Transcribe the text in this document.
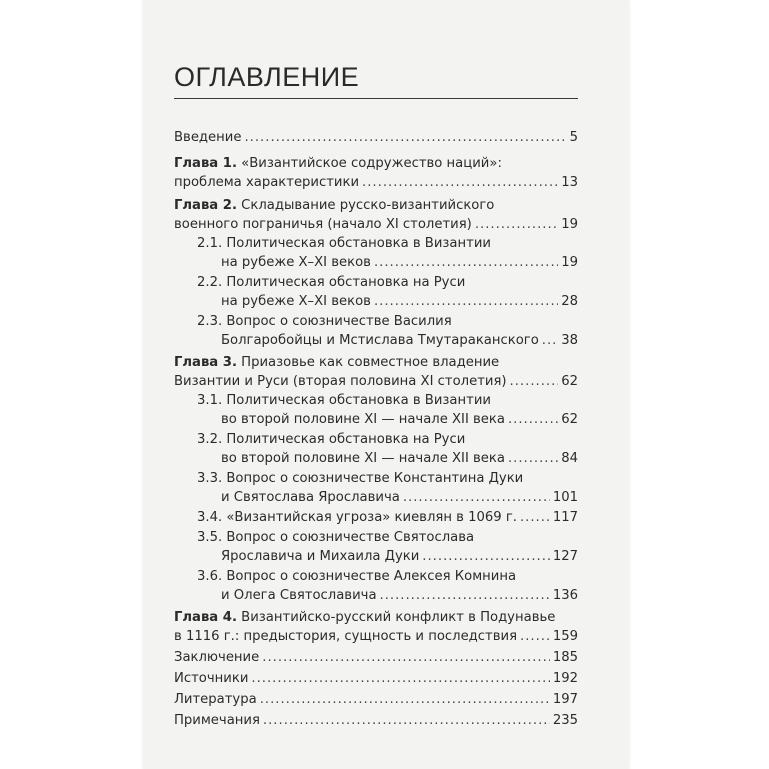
ОГЛАВЛЕНИЕ
Введение .....	5
Глава 1. «Византийское содружество наций»:
проблема характеристики .....	13
Глава 2. Складывание русско-византийского
военного пограничья (начало XI столетия) .....	19
2.1. Политическая обстановка в Византии
на рубеже X–XI веков .....	19
2.2. Политическая обстановка на Руси
на рубеже X–XI веков .....	28
2.3. Вопрос о союзничестве Василия
Болгаробойцы и Мстислава Тмутараканского ..... 38
Глава 3. Приазовье как совместное владение
Византии и Руси (вторая половина XI столетия) .....	62
3.1. Политическая обстановка в Византии
во второй половине XI — начале XII века .....	62
3.2. Политическая обстановка на Руси
во второй половине XI — начале XII века .....	84
3.3. Вопрос о союзничестве Константина Дуки
и Святослава Ярославича .....	101
3.4. «Византийская угроза» киевлян в 1069 г. .....	117
3.5. Вопрос о союзничестве Святослава
Ярославича и Михаила Дуки .....	127
3.6. Вопрос о союзничестве Алексея Комнина
и Олега Святославича .....	136
Глава 4. Византийско-русский конфликт в Подунавье
в 1116 г.: предыстория, сущность и последствия .....	159
Заключение .....	185
Источники .....	192
Литература .....	197
Примечания .....	235
